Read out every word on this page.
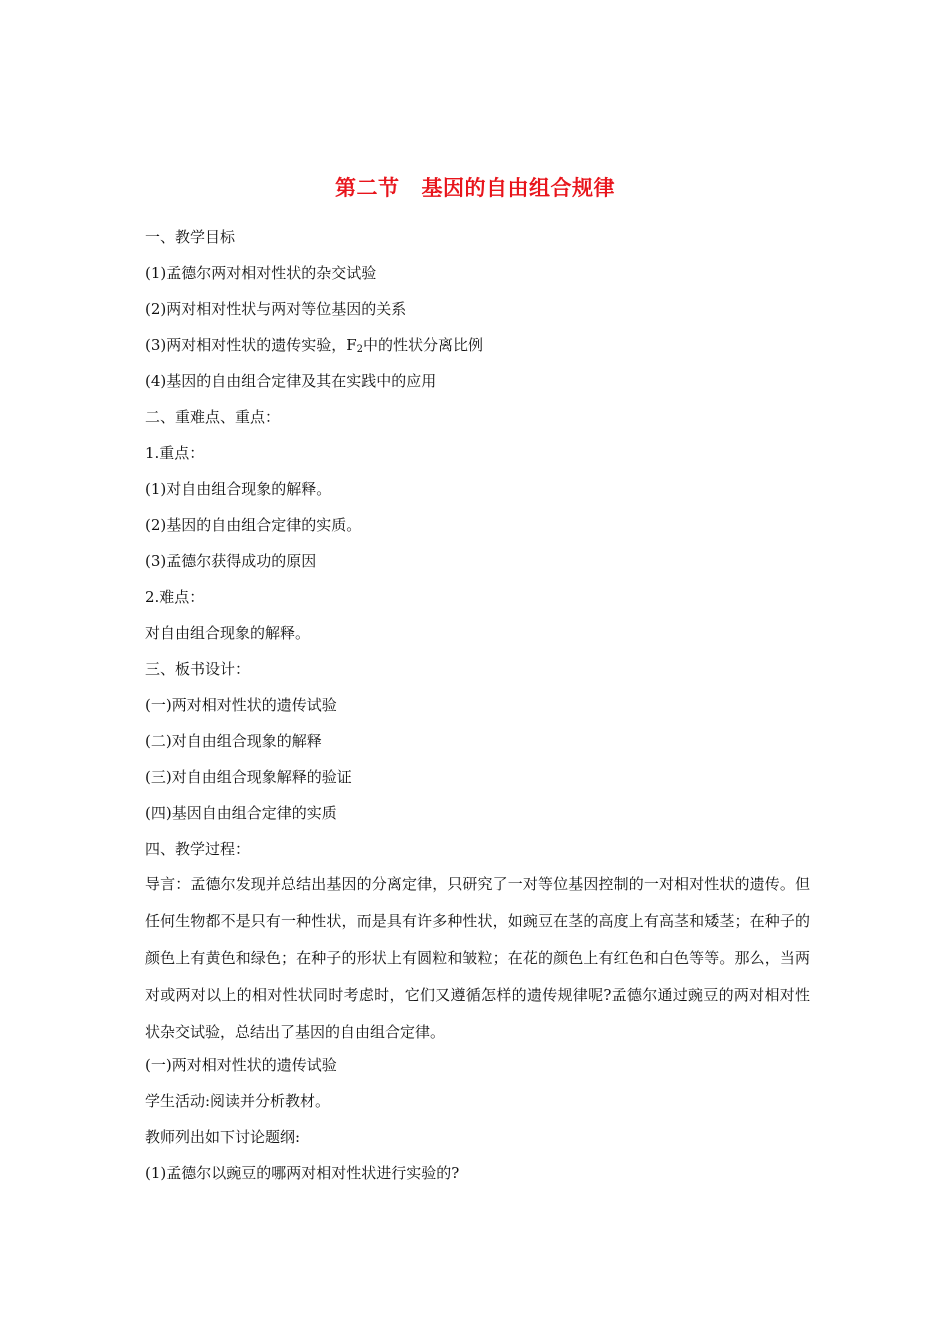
第二节 基因的自由组合规律
一、教学目标
(1)孟德尔两对相对性状的杂交试验
(2)两对相对性状与两对等位基因的关系
(3)两对相对性状的遗传实验，$F_2$中的性状分离比例
(4)基因的自由组合定律及其在实践中的应用
二、重难点、重点：
1.重点：
(1)对自由组合现象的解释。
(2)基因的自由组合定律的实质。
(3)孟德尔获得成功的原因
2.难点：
对自由组合现象的解释。
三、板书设计：
(一)两对相对性状的遗传试验
(二)对自由组合现象的解释
(三)对自由组合现象解释的验证
(四)基因自由组合定律的实质
四、教学过程：
导言：孟德尔发现并总结出基因的分离定律，只研究了一对等位基因控制的一对相对性状的遗传。但任何生物都不是只有一种性状，而是具有许多种性状，如豌豆在茎的高度上有高茎和矮茎；在种子的颜色上有黄色和绿色；在种子的形状上有圆粒和皱粒；在花的颜色上有红色和白色等等。那么，当两对或两对以上的相对性状同时考虑时，它们又遵循怎样的遗传规律呢?孟德尔通过豌豆的两对相对性状杂交试验，总结出了基因的自由组合定律。
(一)两对相对性状的遗传试验
学生活动:阅读并分析教材。
教师列出如下讨论题纲:
(1)孟德尔以豌豆的哪两对相对性状进行实验的?
